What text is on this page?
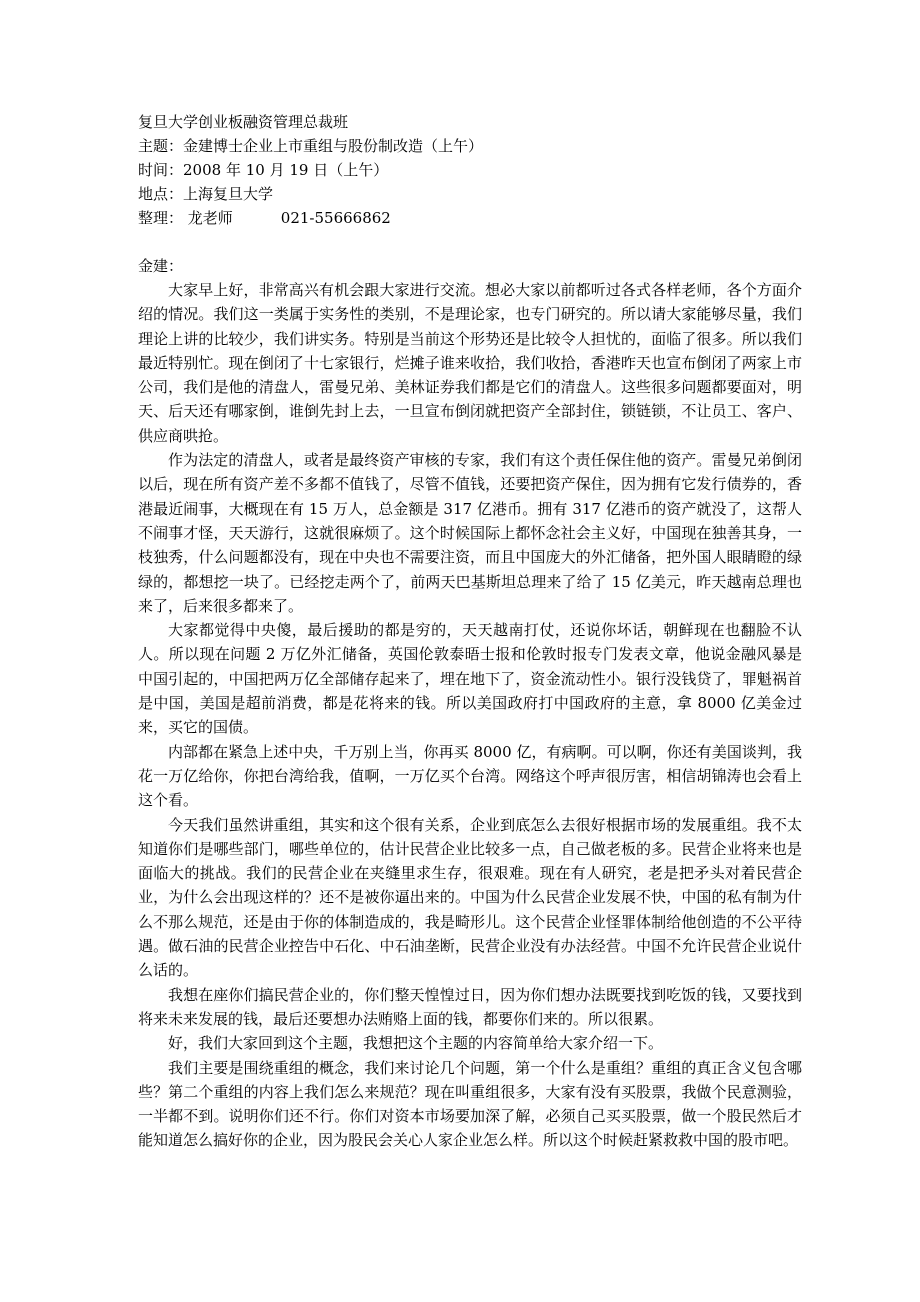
复旦大学创业板融资管理总裁班
主题：金建博士企业上市重组与股份制改造（上午）
时间：2008 年 10 月 19 日（上午）
地点：上海复旦大学
整理： 龙老师	021-55666862
金建：

大家早上好，非常高兴有机会跟大家进行交流。想必大家以前都听过各式各样老师，各个方面介绍的情况。我们这一类属于实务性的类别，不是理论家，也专门研究的。所以请大家能够尽量，我们理论上讲的比较少，我们讲实务。特别是当前这个形势还是比较令人担忧的，面临了很多。所以我们最近特别忙。现在倒闭了十七家银行，烂摊子谁来收拾，我们收拾，香港昨天也宣布倒闭了两家上市公司，我们是他的清盘人，雷曼兄弟、美林证券我们都是它们的清盘人。这些很多问题都要面对，明天、后天还有哪家倒，谁倒先封上去，一旦宣布倒闭就把资产全部封住，锁链锁，不让员工、客户、供应商哄抢。

作为法定的清盘人，或者是最终资产审核的专家，我们有这个责任保住他的资产。雷曼兄弟倒闭以后，现在所有资产差不多都不值钱了，尽管不值钱，还要把资产保住，因为拥有它发行债券的，香港最近闹事，大概现在有 15 万人，总金额是 317 亿港币。拥有 317 亿港币的资产就没了，这帮人不闹事才怪，天天游行，这就很麻烦了。这个时候国际上都怀念社会主义好，中国现在独善其身，一枝独秀，什么问题都没有，现在中央也不需要注资，而且中国庞大的外汇储备，把外国人眼睛瞪的绿绿的，都想挖一块了。已经挖走两个了，前两天巴基斯坦总理来了给了 15 亿美元，昨天越南总理也来了，后来很多都来了。

大家都觉得中央傻，最后援助的都是穷的，天天越南打仗，还说你坏话，朝鲜现在也翻脸不认人。所以现在问题 2 万亿外汇储备，英国伦敦泰晤士报和伦敦时报专门发表文章，他说金融风暴是中国引起的，中国把两万亿全部储存起来了，埋在地下了，资金流动性小。银行没钱贷了，罪魁祸首是中国，美国是超前消费，都是花将来的钱。所以美国政府打中国政府的主意，拿 8000 亿美金过来，买它的国债。

内部都在紧急上述中央，千万别上当，你再买 8000 亿，有病啊。可以啊，你还有美国谈判，我花一万亿给你，你把台湾给我，值啊，一万亿买个台湾。网络这个呼声很厉害，相信胡锦涛也会看上这个看。

今天我们虽然讲重组，其实和这个很有关系，企业到底怎么去很好根据市场的发展重组。我不太知道你们是哪些部门，哪些单位的，估计民营企业比较多一点，自己做老板的多。民营企业将来也是面临大的挑战。我们的民营企业在夹缝里求生存，很艰难。现在有人研究，老是把矛头对着民营企业，为什么会出现这样的？还不是被你逼出来的。中国为什么民营企业发展不快，中国的私有制为什么不那么规范，还是由于你的体制造成的，我是畸形儿。这个民营企业怪罪体制给他创造的不公平待遇。做石油的民营企业控告中石化、中石油垄断，民营企业没有办法经营。中国不允许民营企业说什么话的。

我想在座你们搞民营企业的，你们整天惶惶过日，因为你们想办法既要找到吃饭的钱，又要找到将来未来发展的钱，最后还要想办法贿赂上面的钱，都要你们来的。所以很累。

好，我们大家回到这个主题，我想把这个主题的内容简单给大家介绍一下。

我们主要是围绕重组的概念，我们来讨论几个问题，第一个什么是重组？重组的真正含义包含哪些？第二个重组的内容上我们怎么来规范？现在叫重组很多，大家有没有买股票，我做个民意测验，一半都不到。说明你们还不行。你们对资本市场要加深了解，必须自己买买股票，做一个股民然后才能知道怎么搞好你的企业，因为股民会关心人家企业怎么样。所以这个时候赶紧救救中国的股市吧。
